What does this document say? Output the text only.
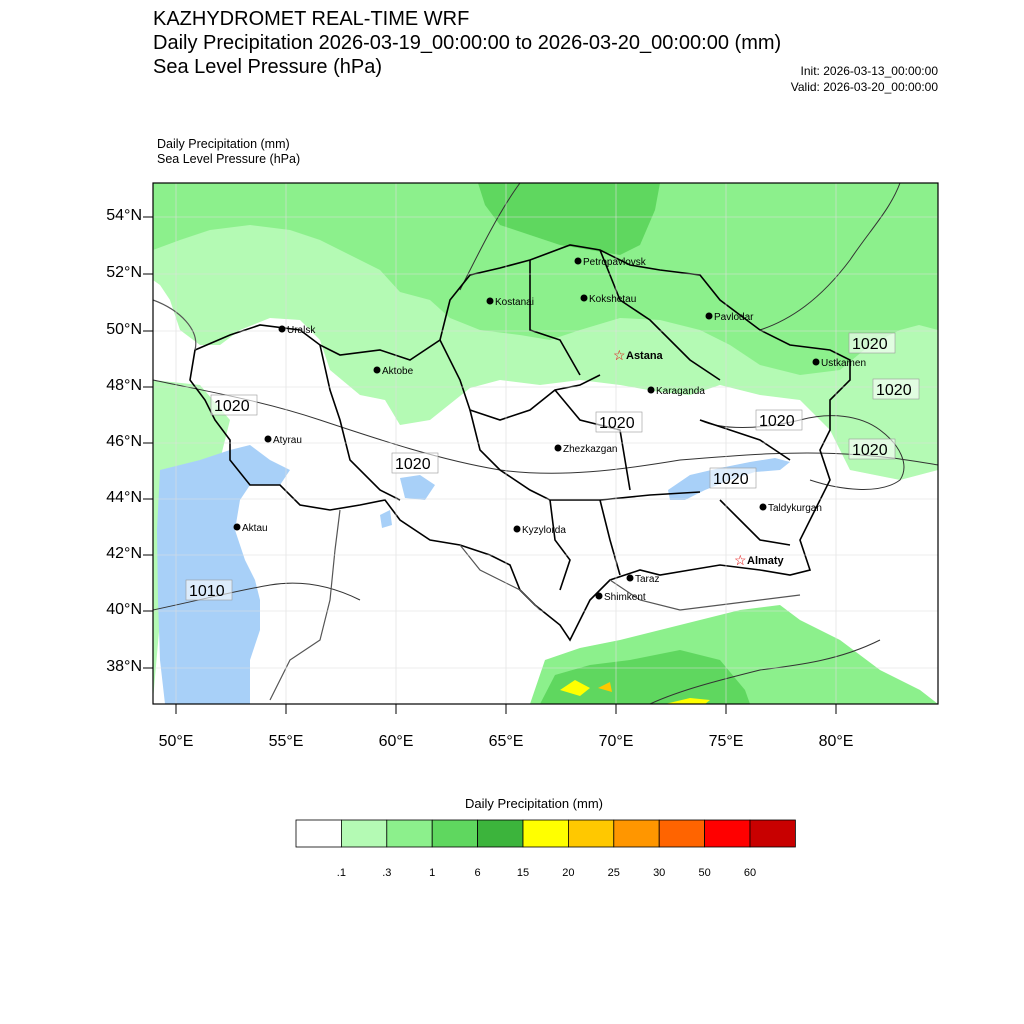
KAZHYDROMET REAL-TIME WRF
Daily Precipitation 2026-03-19_00:00:00 to 2026-03-20_00:00:00 (mm)
Sea Level Pressure (hPa)	Init: 2026-03-13_00:00:00
Valid: 2026-03-20_00:00:00
Daily Precipitation (mm)
Sea Level Pressure (hPa)
1020
1020
1020	1020
1020
1020
1020
1010
1020
Petropavlovsk
Kostanai	Kokshetau
Uralsk
Pavlodar
☆ Astana
Ustkamen
Aktobe
Karaganda
Atyrau
Zhezkazgan
Taldykurgan
Aktau	Kyzylorda
☆ Almaty
Taraz
Shimkent
Daily Precipitation (mm)
.1	.3	1	6	15	20	25	30	50	60
54°N
52°N
50°N
48°N
46°N
44°N
42°N
40°N
38°N
50°E	55°E	60°E	65°E	70°E	75°E	80°E
